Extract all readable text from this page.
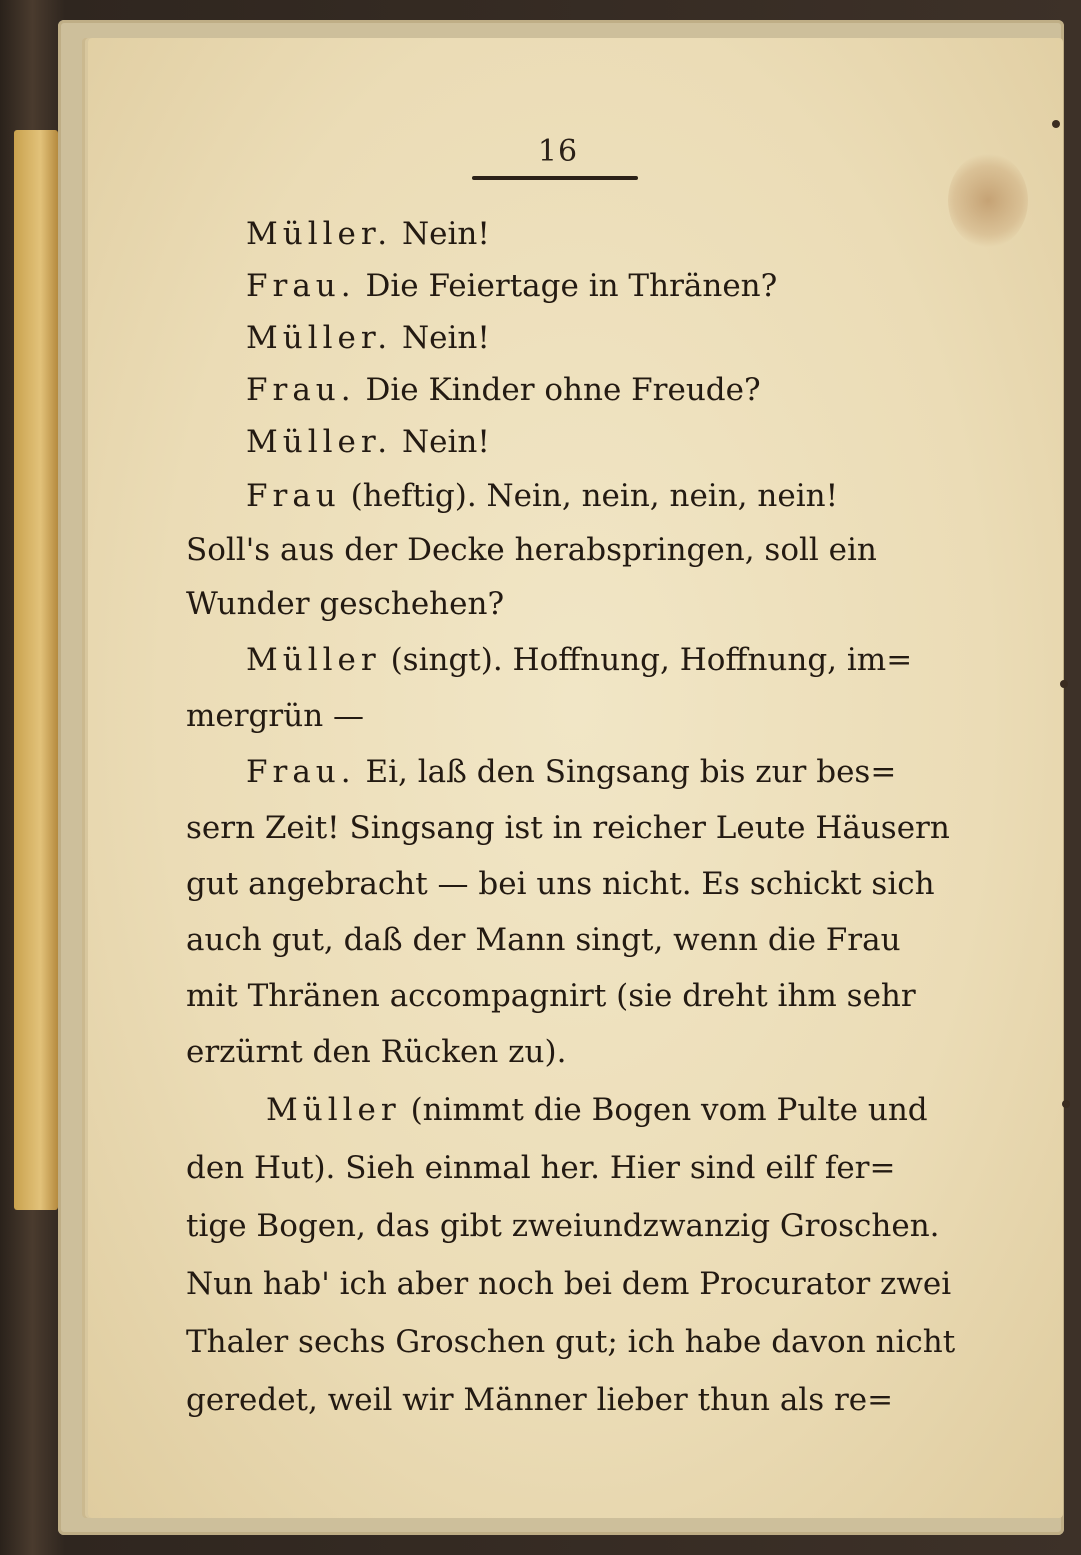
16
Müller. Nein!
Frau. Die Feiertage in Thränen?
Müller. Nein!
Frau. Die Kinder ohne Freude?
Müller. Nein!
Frau (heftig). Nein, nein, nein, nein!
Soll's aus der Decke herabspringen, soll ein
Wunder geschehen?
Müller (singt). Hoffnung, Hoffnung, im=
mergrün —
Frau. Ei, laß den Singsang bis zur bes=
sern Zeit! Singsang ist in reicher Leute Häusern
gut angebracht — bei uns nicht. Es schickt sich
auch gut, daß der Mann singt, wenn die Frau
mit Thränen accompagnirt (sie dreht ihm sehr
erzürnt den Rücken zu).
Müller (nimmt die Bogen vom Pulte und
den Hut). Sieh einmal her. Hier sind eilf fer=
tige Bogen, das gibt zweiundzwanzig Groschen.
Nun hab' ich aber noch bei dem Procurator zwei
Thaler sechs Groschen gut; ich habe davon nicht
geredet, weil wir Männer lieber thun als re=
